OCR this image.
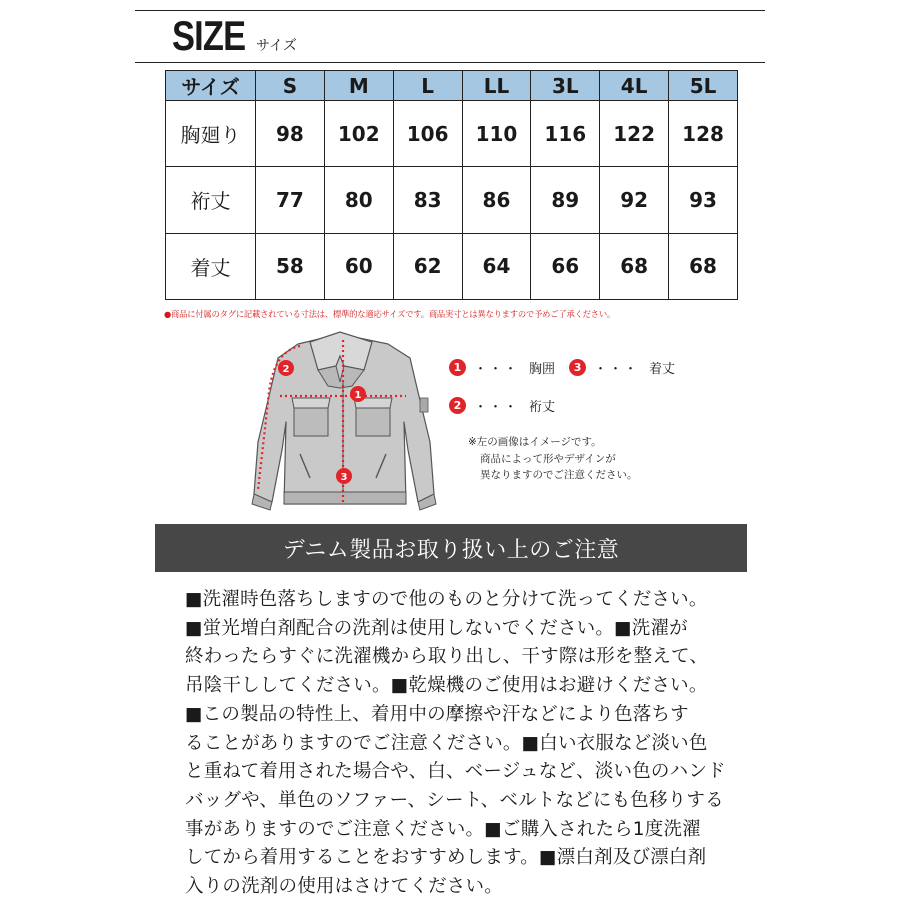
SIZE サイズ
サイズ	S	M	L	LL	3L	4L	5L
胸廻り	98	102	106	110	116	122	128
裄丈	77	80	83	86	89	92	93
着丈	58	60	62	64	66	68	68
●商品に付属のタグに記載されている寸法は、標準的な適応サイズです。商品実寸とは異なりますので予めご了承ください。
2
1
3
1 ・・・ 胸囲	3 ・・・ 着丈
2 ・・・ 裄丈
※左の画像はイメージです。
商品によって形やデザインが
異なりますのでご注意ください。
デニム製品お取り扱い上のご注意
■洗濯時色落ちしますので他のものと分けて洗ってください。
■蛍光増白剤配合の洗剤は使用しないでください。■洗濯が
終わったらすぐに洗濯機から取り出し、干す際は形を整えて、
吊陰干ししてください。■乾燥機のご使用はお避けください。
■この製品の特性上、着用中の摩擦や汗などにより色落ちす
ることがありますのでご注意ください。■白い衣服など淡い色
と重ねて着用された場合や、白、ベージュなど、淡い色のハンド
バッグや、単色のソファー、シート、ベルトなどにも色移りする
事がありますのでご注意ください。■ご購入されたら1度洗濯
してから着用することをおすすめします。■漂白剤及び漂白剤
入りの洗剤の使用はさけてください。
